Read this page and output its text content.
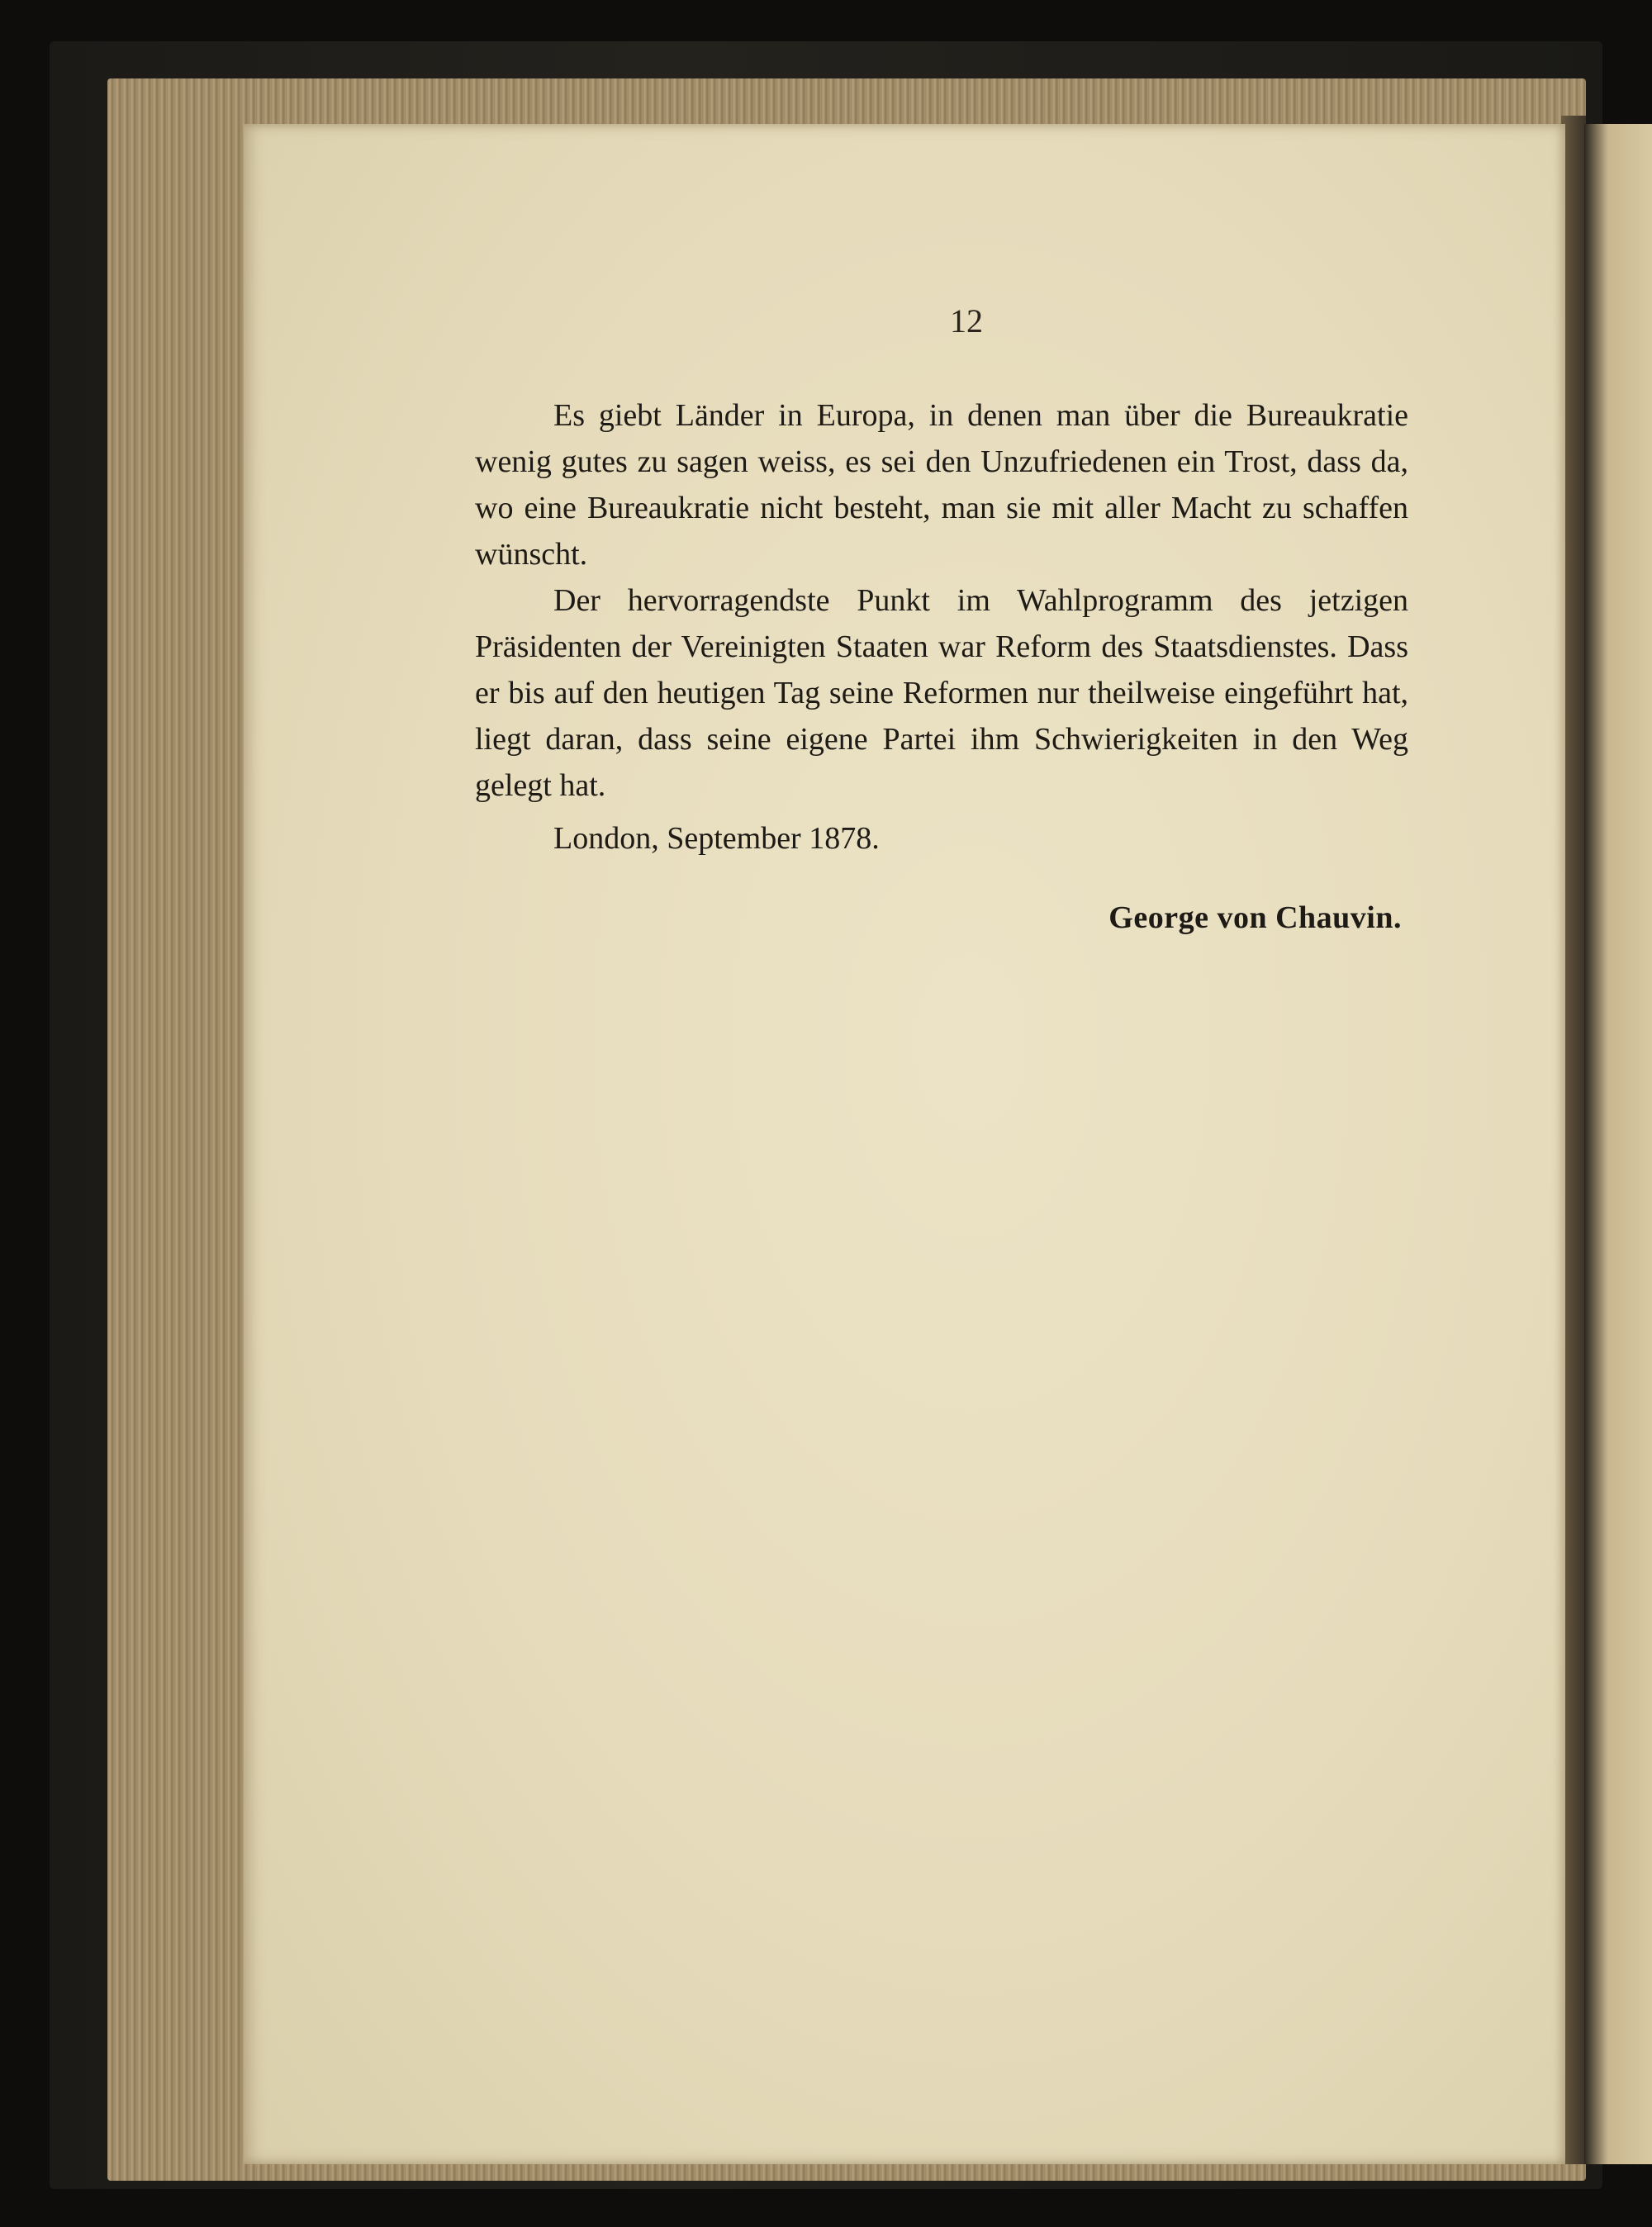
12

Es giebt Länder in Europa, in denen man über die Bureaukratie wenig gutes zu sagen weiss, es sei den Unzufriedenen ein Trost, dass da, wo eine Bureaukratie nicht besteht, man sie mit aller Macht zu schaffen wünscht.

Der hervorragendste Punkt im Wahlprogramm des jetzigen Präsidenten der Vereinigten Staaten war Reform des Staatsdienstes. Dass er bis auf den heutigen Tag seine Reformen nur theilweise eingeführt hat, liegt daran, dass seine eigene Partei ihm Schwierigkeiten in den Weg gelegt hat.

London, September 1878.

George von Chauvin.
